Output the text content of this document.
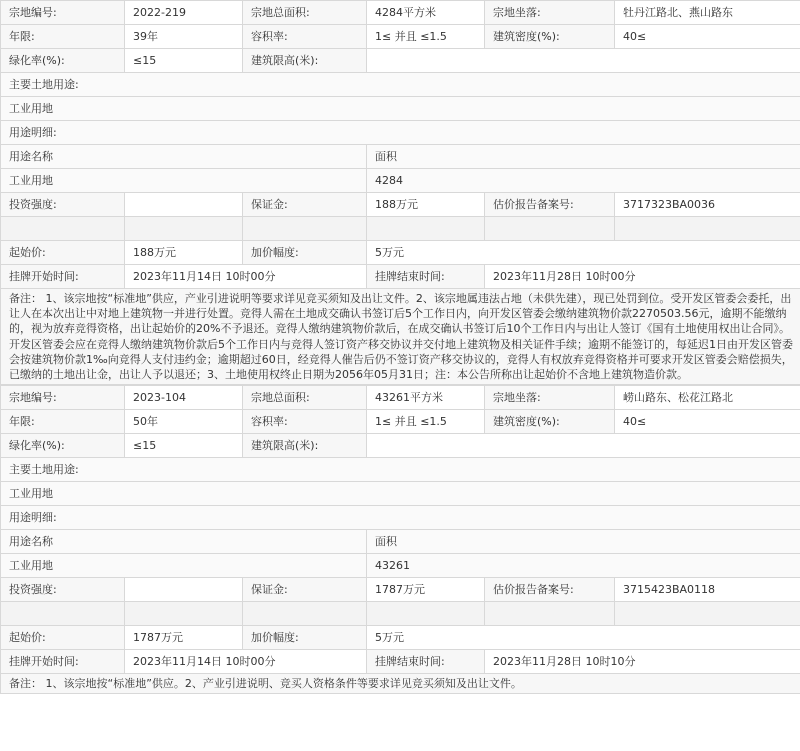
宗地编号:	2022-219	宗地总面积:	4284平方米	宗地坐落:	牡丹江路北、燕山路东
年限:	39年	容积率:	1≤ 并且 ≤1.5	建筑密度(%):	40≤
绿化率(%):	≤15	建筑限高(米):			
主要土地用途:					
工业用地					
用途明细:					
用途名称			面积		
工业用地			4284		
投资强度:		保证金:	188万元	估价报告备案号:	3717323BA0036

起始价:	188万元	加价幅度:	5万元		
挂牌开始时间:	2023年11月14日 10时00分		挂牌结束时间:	2023年11月28日 10时00分	
备注： 1、该宗地按“标准地”供应，产业引进说明等要求详见竞买须知及出让文件。2、该宗地属违法占地（未供先建），现已处罚到位。受开发区管委会委托，出让人在本次出让中对地上建筑物一并进行处置。竞得人需在土地成交确认书签订后5个工作日内，向开发区管委会缴纳建筑物价款2270503.56元，逾期不能缴纳的，视为放弃竞得资格，出让起始价的20%不予退还。竞得人缴纳建筑物价款后，在成交确认书签订后10个工作日内与出让人签订《国有土地使用权出让合同》。开发区管委会应在竞得人缴纳建筑物价款后5个工作日内与竞得人签订资产移交协议并交付地上建筑物及相关证件手续；逾期不能签订的，每延迟1日由开发区管委会按建筑物价款1‰向竞得人支付违约金；逾期超过60日，经竞得人催告后仍不签订资产移交协议的，竞得人有权放弃竞得资格并可要求开发区管委会赔偿损失，已缴纳的土地出让金，出让人予以退还；3、土地使用权终止日期为2056年05月31日；注：本公告所称出让起始价不含地上建筑物造价款。					
宗地编号:	2023-104	宗地总面积:	43261平方米	宗地坐落:	崂山路东、松花江路北
年限:	50年	容积率:	1≤ 并且 ≤1.5	建筑密度(%):	40≤
绿化率(%):	≤15	建筑限高(米):			
主要土地用途:					
工业用地					
用途明细:					
用途名称			面积		
工业用地			43261		
投资强度:		保证金:	1787万元	估价报告备案号:	3715423BA0118

起始价:	1787万元	加价幅度:	5万元		
挂牌开始时间:	2023年11月14日 10时00分		挂牌结束时间:	2023年11月28日 10时10分	
备注： 1、该宗地按“标准地”供应。2、产业引进说明、竞买人资格条件等要求详见竞买须知及出让文件。					
